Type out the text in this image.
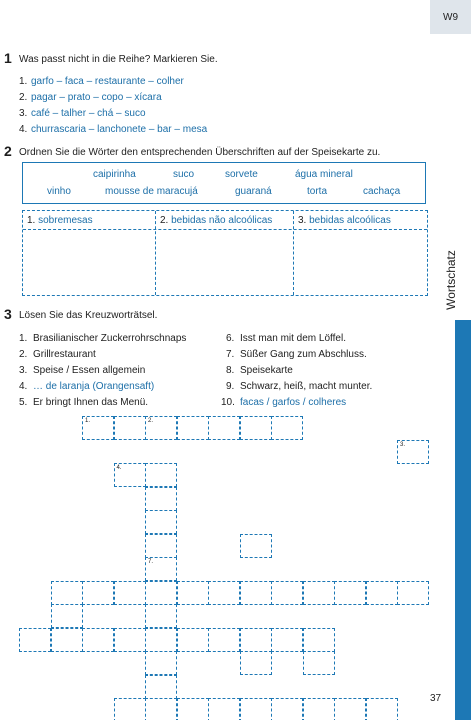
W9
Wortschatz
1 Was passt nicht in die Reihe? Markieren Sie.
1. garfo – faca – restaurante – colher
2. pagar – prato – copo – xícara
3. café – talher – chá – suco
4. churrascaria – lanchonete – bar – mesa
2 Ordnen Sie die Wörter den entsprechenden Überschriften auf der Speisekarte zu.
caipirinha	suco	sorvete	água mineral
vinho	mousse de maracujá	guaraná	torta	cachaça
1. sobremesas	2. bebidas não alcoólicas	3. bebidas alcoólicas
3 Lösen Sie das Kreuzworträtsel.
1. Brasilianischer Zuckerrohrschnaps
2. Grillrestaurant
3. Speise / Essen allgemein
4. … de laranja (Orangensaft)
5. Er bringt Ihnen das Menü.
6. Isst man mit dem Löffel.
7. Süßer Gang zum Abschluss.
8. Speisekarte
9. Schwarz, heiß, macht munter.
10. facas / garfos / colheres
1.	2.
3.
4.
7.
37
